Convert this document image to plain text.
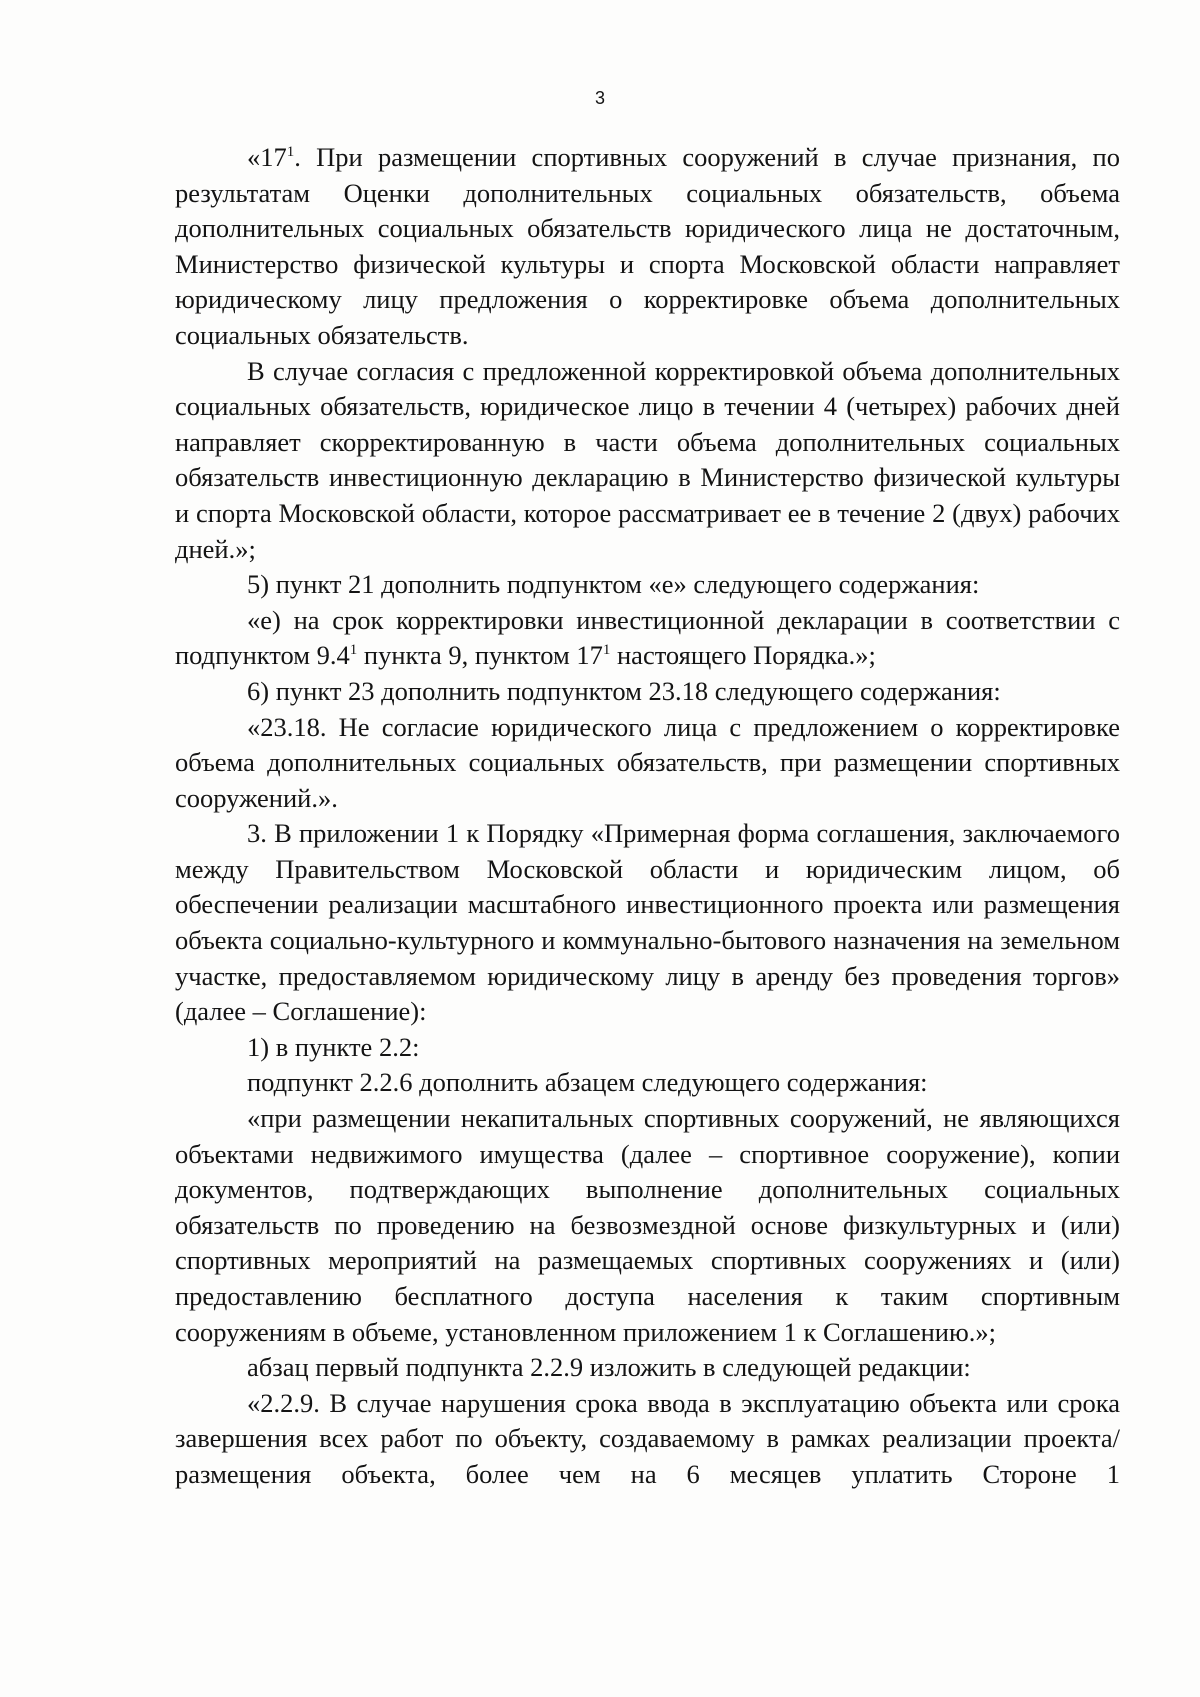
3

«$17^1$. При размещении спортивных сооружений в случае признания, по результатам Оценки дополнительных социальных обязательств, объема дополнительных социальных обязательств юридического лица не достаточным, Министерство физической культуры и спорта Московской области направляет юридическому лицу предложения о корректировке объема дополнительных социальных обязательств.

В случае согласия с предложенной корректировкой объема дополнительных социальных обязательств, юридическое лицо в течении 4 (четырех) рабочих дней направляет скорректированную в части объема дополнительных социальных обязательств инвестиционную декларацию в Министерство физической культуры и спорта Московской области, которое рассматривает ее в течение 2 (двух) рабочих дней.»;

5) пункт 21 дополнить подпунктом «е» следующего содержания:

«е) на срок корректировки инвестиционной декларации в соответствии с подпунктом $9.4^1$ пункта 9, пунктом $17^1$ настоящего Порядка.»;

6) пункт 23 дополнить подпунктом 23.18 следующего содержания:

«23.18. Не согласие юридического лица с предложением о корректировке объема дополнительных социальных обязательств, при размещении спортивных сооружений.».

3. В приложении 1 к Порядку «Примерная форма соглашения, заключаемого между Правительством Московской области и юридическим лицом, об обеспечении реализации масштабного инвестиционного проекта или размещения объекта социально-культурного и коммунально-бытового назначения на земельном участке, предоставляемом юридическому лицу в аренду без проведения торгов» (далее – Соглашение):

1) в пункте 2.2:

подпункт 2.2.6 дополнить абзацем следующего содержания:

«при размещении некапитальных спортивных сооружений, не являющихся объектами недвижимого имущества (далее – спортивное сооружение), копии документов, подтверждающих выполнение дополнительных социальных обязательств по проведению на безвозмездной основе физкультурных и (или) спортивных мероприятий на размещаемых спортивных сооружениях и (или) предоставлению бесплатного доступа населения к таким спортивным сооружениям в объеме, установленном приложением 1 к Соглашению.»;

абзац первый подпункта 2.2.9 изложить в следующей редакции:

«2.2.9. В случае нарушения срока ввода в эксплуатацию объекта или срока завершения всех работ по объекту, создаваемому в рамках реализации проекта/размещения объекта, более чем на 6 месяцев уплатить Стороне 1
